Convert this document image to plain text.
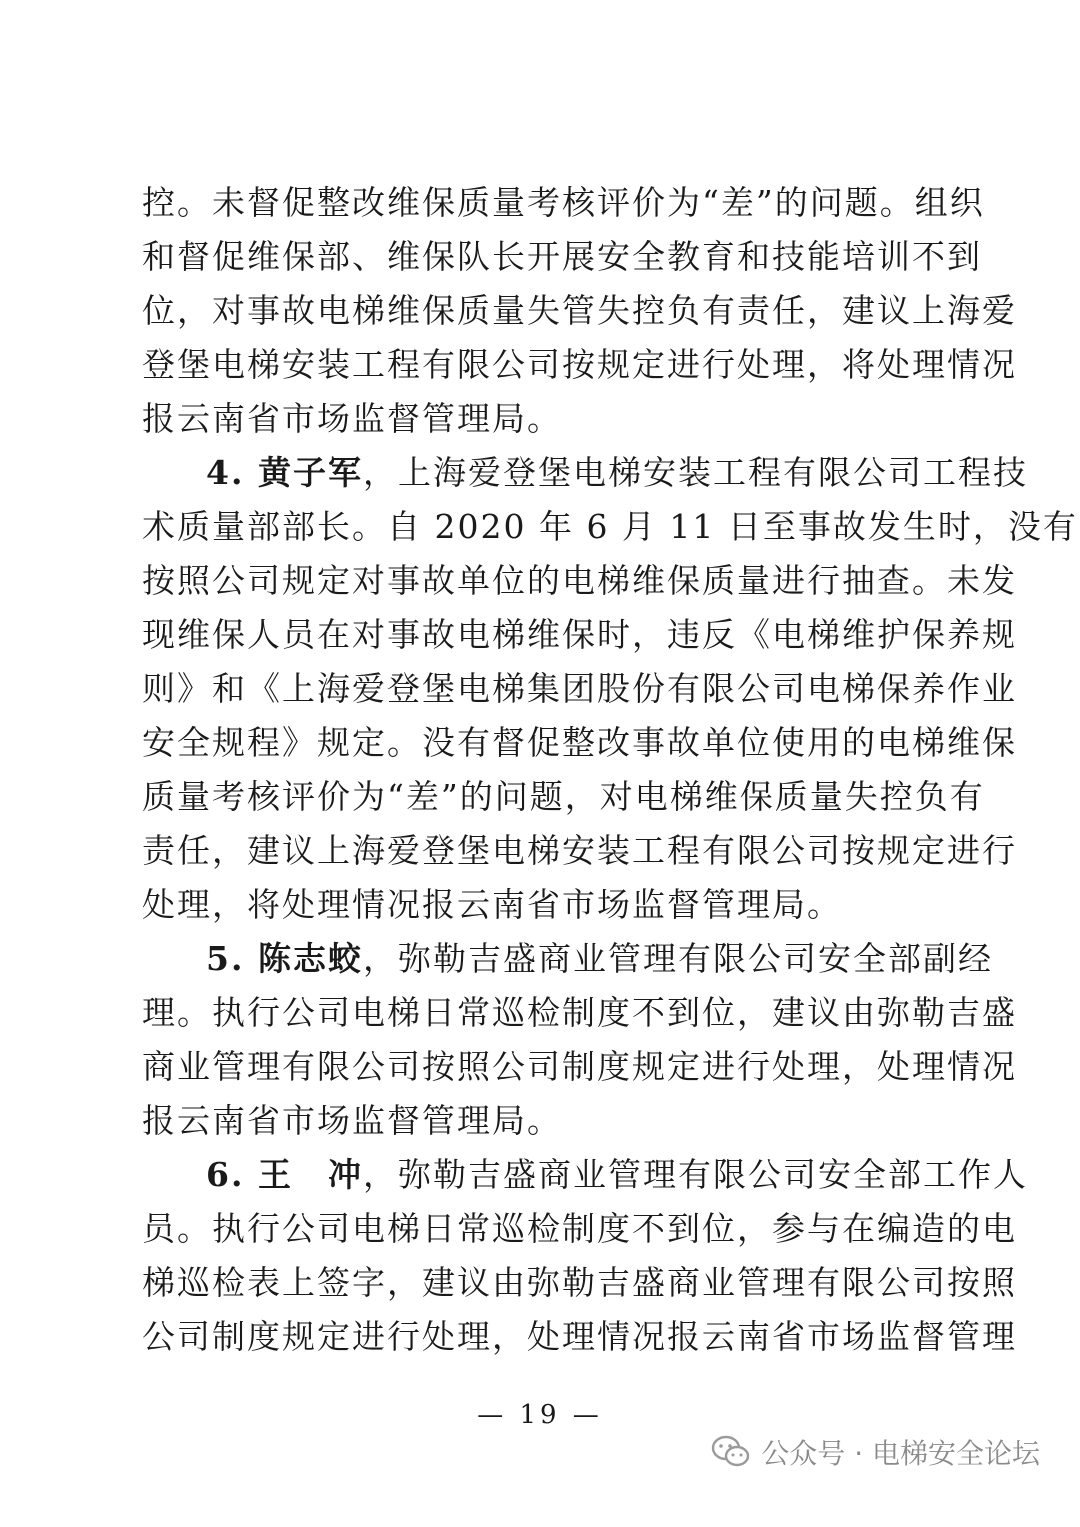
控。未督促整改维保质量考核评价为“差”的问题。组织
和督促维保部、维保队长开展安全教育和技能培训不到
位，对事故电梯维保质量失管失控负有责任，建议上海爱
登堡电梯安装工程有限公司按规定进行处理，将处理情况
报云南省市场监督管理局。
4. 黄子军，上海爱登堡电梯安装工程有限公司工程技
术质量部部长。自 2020 年 6 月 11 日至事故发生时，没有
按照公司规定对事故单位的电梯维保质量进行抽查。未发
现维保人员在对事故电梯维保时，违反《电梯维护保养规
则》和《上海爱登堡电梯集团股份有限公司电梯保养作业
安全规程》规定。没有督促整改事故单位使用的电梯维保
质量考核评价为“差”的问题，对电梯维保质量失控负有
责任，建议上海爱登堡电梯安装工程有限公司按规定进行
处理，将处理情况报云南省市场监督管理局。
5. 陈志蛟，弥勒吉盛商业管理有限公司安全部副经
理。执行公司电梯日常巡检制度不到位，建议由弥勒吉盛
商业管理有限公司按照公司制度规定进行处理，处理情况
报云南省市场监督管理局。
6. 王　冲，弥勒吉盛商业管理有限公司安全部工作人
员。执行公司电梯日常巡检制度不到位，参与在编造的电
梯巡检表上签字，建议由弥勒吉盛商业管理有限公司按照
公司制度规定进行处理，处理情况报云南省市场监督管理
— 19 —
公众号 · 电梯安全论坛
